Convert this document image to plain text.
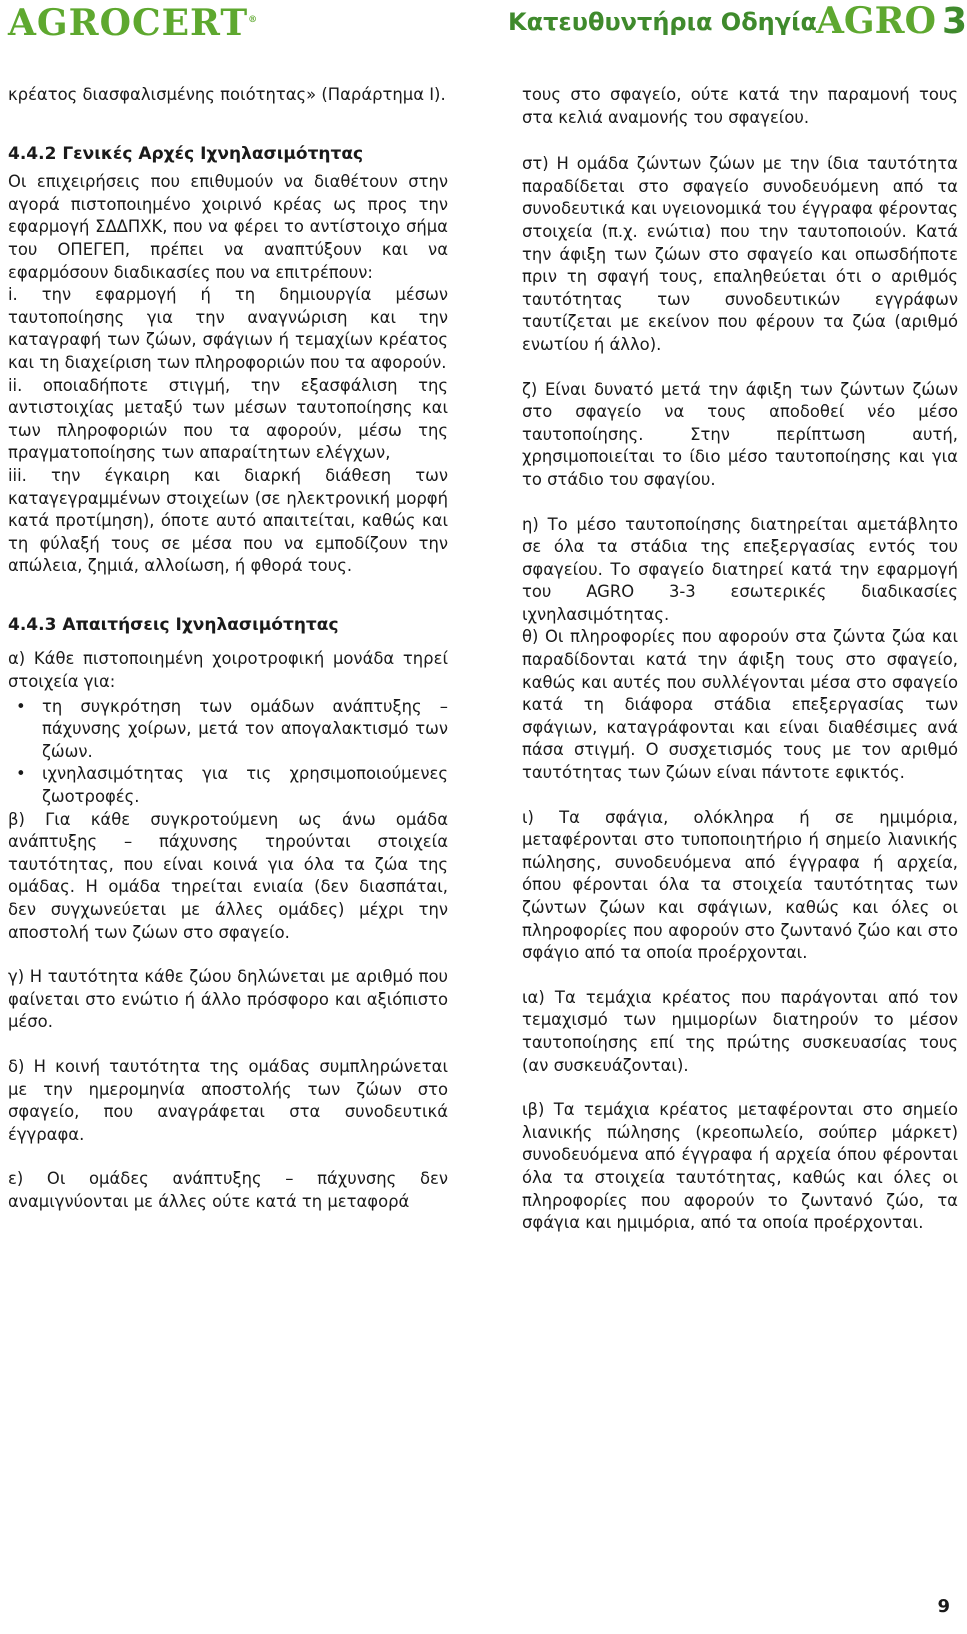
AGROCERT®	Κατευθυντήρια Οδηγία AGRO 3

κρέατος διασφαλισμένης ποιότητας» (Παράρτημα I).

4.4.2 Γενικές Αρχές Ιχνηλασιμότητας

Οι επιχειρήσεις που επιθυμούν να διαθέτουν στην αγορά πιστοποιημένο χοιρινό κρέας ως προς την εφαρμογή ΣΔΔΠΧΚ, που να φέρει το αντίστοιχο σήμα του ΟΠΕΓΕΠ, πρέπει να αναπτύξουν και να εφαρμόσουν διαδικασίες που να επιτρέπουν:

i. την εφαρμογή ή τη δημιουργία μέσων ταυτοποίησης για την αναγνώριση και την καταγραφή των ζώων, σφάγιων ή τεμαχίων κρέατος και τη διαχείριση των πληροφοριών που τα αφορούν.

ii. οποιαδήποτε στιγμή, την εξασφάλιση της αντιστοιχίας μεταξύ των μέσων ταυτοποίησης και των πληροφοριών που τα αφορούν, μέσω της πραγματοποίησης των απαραίτητων ελέγχων,

iii. την έγκαιρη και διαρκή διάθεση των καταγεγραμμένων στοιχείων (σε ηλεκτρονική μορφή κατά προτίμηση), όποτε αυτό απαιτείται, καθώς και τη φύλαξή τους σε μέσα που να εμποδίζουν την απώλεια, ζημιά, αλλοίωση, ή φθορά τους.

4.4.3 Απαιτήσεις Ιχνηλασιμότητας

α) Κάθε πιστοποιημένη χοιροτροφική μονάδα τηρεί στοιχεία για:

• τη συγκρότηση των ομάδων ανάπτυξης – πάχυνσης χοίρων, μετά τον απογαλακτισμό των ζώων.
• ιχνηλασιμότητας για τις χρησιμοποιούμενες ζωοτροφές.

β) Για κάθε συγκροτούμενη ως άνω ομάδα ανάπτυξης – πάχυνσης τηρούνται στοιχεία ταυτότητας, που είναι κοινά για όλα τα ζώα της ομάδας. Η ομάδα τηρείται ενιαία (δεν διασπάται, δεν συγχωνεύεται με άλλες ομάδες) μέχρι την αποστολή των ζώων στο σφαγείο.

γ) Η ταυτότητα κάθε ζώου δηλώνεται με αριθμό που φαίνεται στο ενώτιο ή άλλο πρόσφορο και αξιόπιστο μέσο.

δ) Η κοινή ταυτότητα της ομάδας συμπληρώνεται με την ημερομηνία αποστολής των ζώων στο σφαγείο, που αναγράφεται στα συνοδευτικά έγγραφα.

ε) Οι ομάδες ανάπτυξης – πάχυνσης δεν αναμιγνύονται με άλλες ούτε κατά τη μεταφορά

τους στο σφαγείο, ούτε κατά την παραμονή τους στα κελιά αναμονής του σφαγείου.

στ) Η ομάδα ζώντων ζώων με την ίδια ταυτότητα παραδίδεται στο σφαγείο συνοδευόμενη από τα συνοδευτικά και υγειονομικά του έγγραφα φέροντας στοιχεία (π.χ. ενώτια) που την ταυτοποιούν. Κατά την άφιξη των ζώων στο σφαγείο και οπωσδήποτε πριν τη σφαγή τους, επαληθεύεται ότι ο αριθμός ταυτότητας των συνοδευτικών εγγράφων ταυτίζεται με εκείνον που φέρουν τα ζώα (αριθμό ενωτίου ή άλλο).

ζ) Είναι δυνατό μετά την άφιξη των ζώντων ζώων στο σφαγείο να τους αποδοθεί νέο μέσο ταυτοποίησης. Στην περίπτωση αυτή, χρησιμοποιείται το ίδιο μέσο ταυτοποίησης και για το στάδιο του σφαγίου.

η) Το μέσο ταυτοποίησης διατηρείται αμετάβλητο σε όλα τα στάδια της επεξεργασίας εντός του σφαγείου. Το σφαγείο διατηρεί κατά την εφαρμογή του AGRO 3-3 εσωτερικές διαδικασίες ιχνηλασιμότητας.

θ) Οι πληροφορίες που αφορούν στα ζώντα ζώα και παραδίδονται κατά την άφιξη τους στο σφαγείο, καθώς και αυτές που συλλέγονται μέσα στο σφαγείο κατά τη διάφορα στάδια επεξεργασίας των σφάγιων, καταγράφονται και είναι διαθέσιμες ανά πάσα στιγμή. Ο συσχετισμός τους με τον αριθμό ταυτότητας των ζώων είναι πάντοτε εφικτός.

ι) Τα σφάγια, ολόκληρα ή σε ημιμόρια, μεταφέρονται στο τυποποιητήριο ή σημείο λιανικής πώλησης, συνοδευόμενα από έγγραφα ή αρχεία, όπου φέρονται όλα τα στοιχεία ταυτότητας των ζώντων ζώων και σφάγιων, καθώς και όλες οι πληροφορίες που αφορούν στο ζωντανό ζώο και στο σφάγιο από τα οποία προέρχονται.

ια) Τα τεμάχια κρέατος που παράγονται από τον τεμαχισμό των ημιμορίων διατηρούν το μέσον ταυτοποίησης επί της πρώτης συσκευασίας τους (αν συσκευάζονται).

ιβ) Τα τεμάχια κρέατος μεταφέρονται στο σημείο λιανικής πώλησης (κρεοπωλείο, σούπερ μάρκετ) συνοδευόμενα από έγγραφα ή αρχεία όπου φέρονται όλα τα στοιχεία ταυτότητας, καθώς και όλες οι πληροφορίες που αφορούν το ζωντανό ζώο, τα σφάγια και ημιμόρια, από τα οποία προέρχονται.

9
